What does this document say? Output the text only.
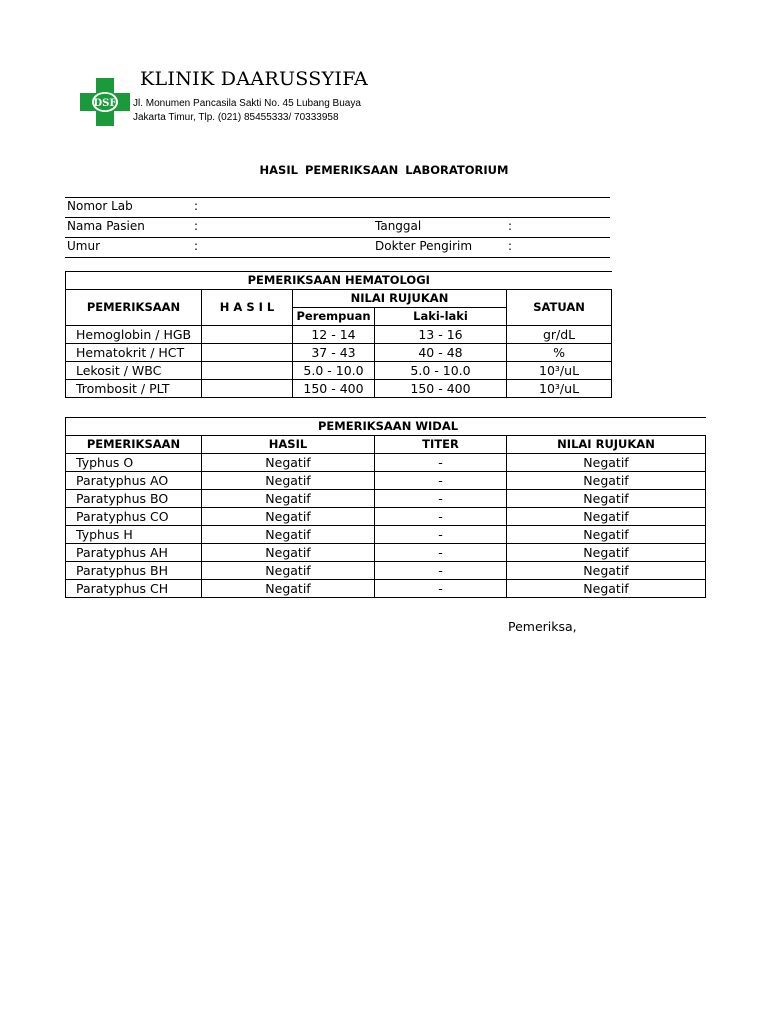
DSF
KLINIK DAARUSSYIFA
Jl. Monumen Pancasila Sakti No. 45 Lubang Buaya
Jakarta Timur, Tlp. (021) 85455333/ 70333958
HASIL PEMERIKSAAN LABORATORIUM
Nomor Lab	:
Nama Pasien	:	Tanggal	:
Umur	:	Dokter Pengirim	:
PEMERIKSAAN HEMATOLOGI				
PEMERIKSAAN	H A S I L	NILAI RUJUKAN		SATUAN
		Perempuan	Laki-laki	
Hemoglobin / HGB		12 - 14	13 - 16	gr/dL
Hematokrit / HCT		37 - 43	40 - 48	%
Lekosit / WBC		5.0 - 10.0	5.0 - 10.0	10³/uL
Trombosit / PLT		150 - 400	150 - 400	10³/uL
PEMERIKSAAN WIDAL			
PEMERIKSAAN	HASIL	TITER	NILAI RUJUKAN
Typhus O	Negatif	-	Negatif
Paratyphus AO	Negatif	-	Negatif
Paratyphus BO	Negatif	-	Negatif
Paratyphus CO	Negatif	-	Negatif
Typhus H	Negatif	-	Negatif
Paratyphus AH	Negatif	-	Negatif
Paratyphus BH	Negatif	-	Negatif
Paratyphus CH	Negatif	-	Negatif
Pemeriksa,
